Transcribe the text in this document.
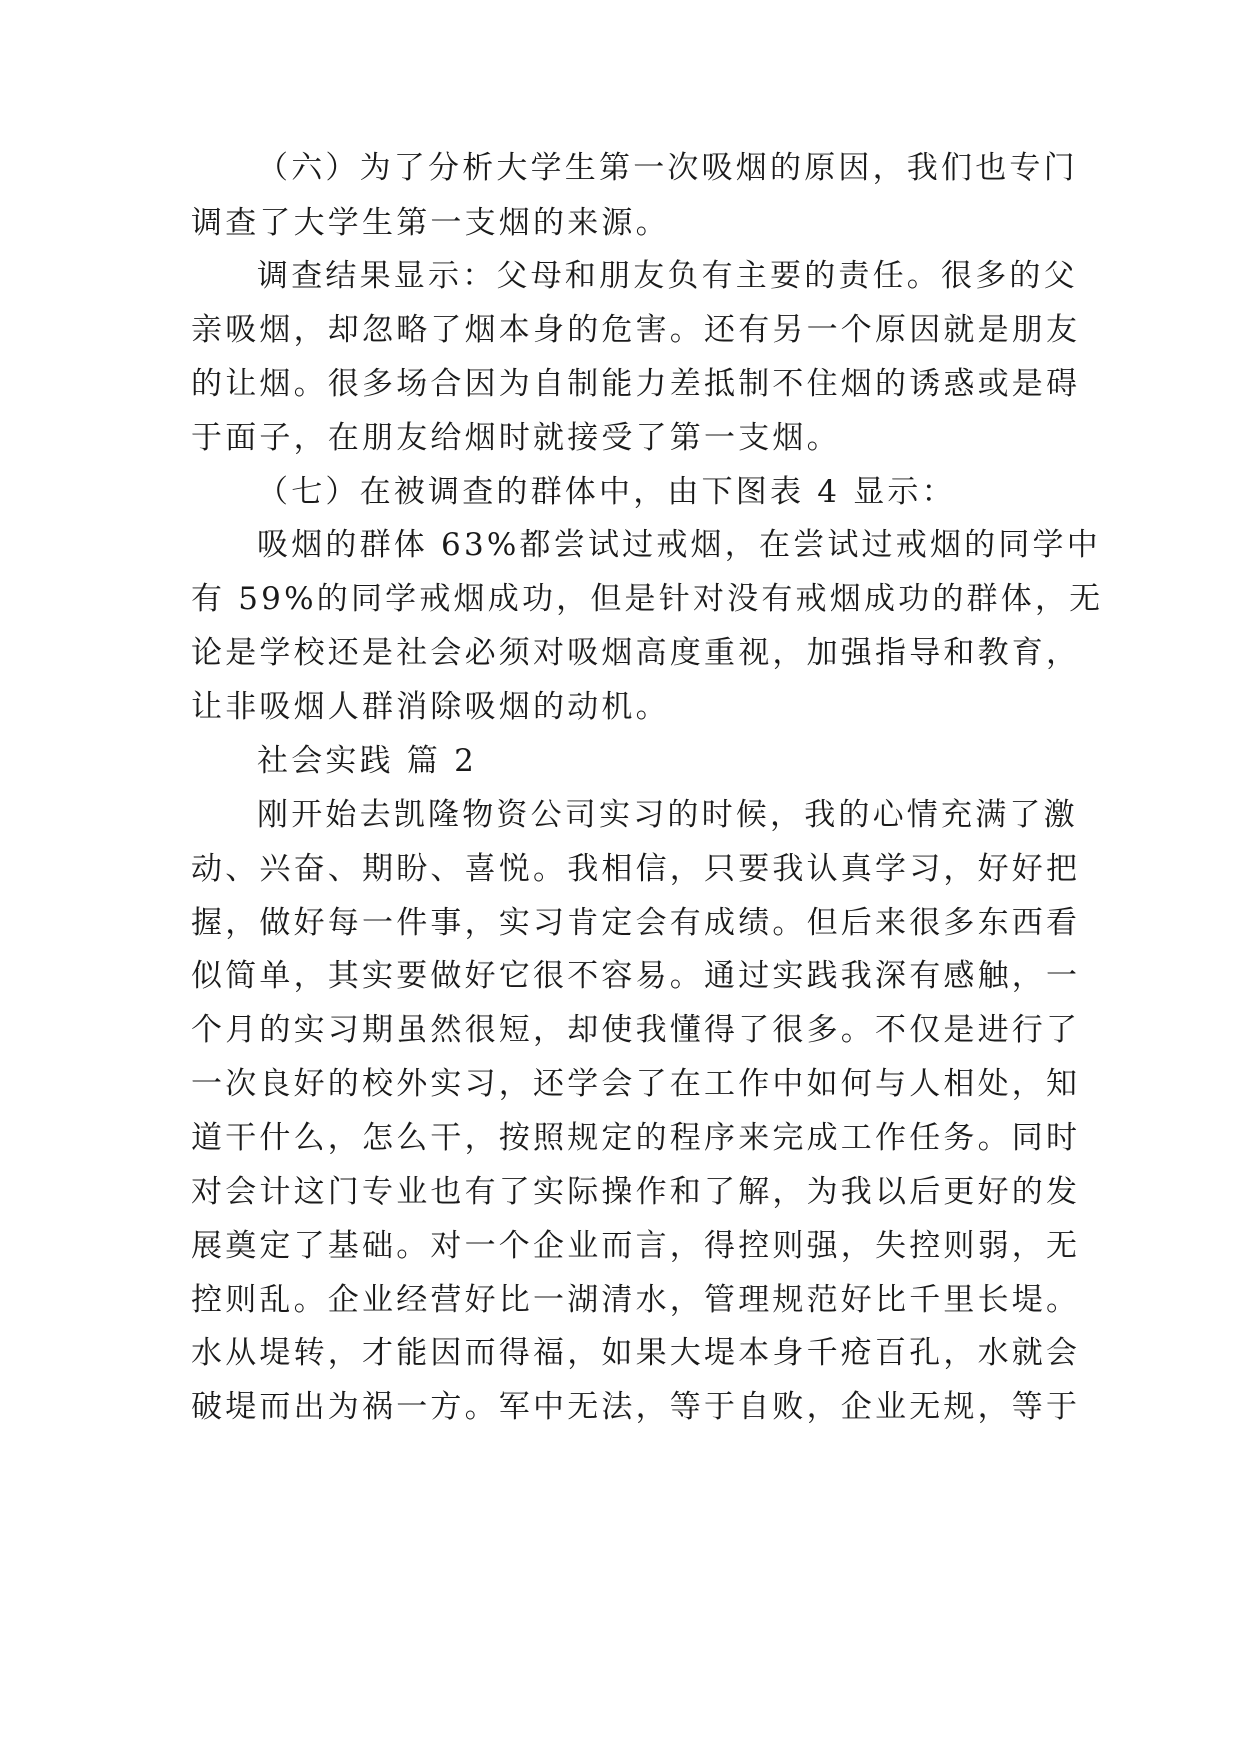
（六）为了分析大学生第一次吸烟的原因，我们也专门
调查了大学生第一支烟的来源。
调查结果显示：父母和朋友负有主要的责任。很多的父
亲吸烟，却忽略了烟本身的危害。还有另一个原因就是朋友
的让烟。很多场合因为自制能力差抵制不住烟的诱惑或是碍
于面子，在朋友给烟时就接受了第一支烟。
（七）在被调查的群体中，由下图表 4 显示：
吸烟的群体 63%都尝试过戒烟，在尝试过戒烟的同学中
有 59%的同学戒烟成功，但是针对没有戒烟成功的群体，无
论是学校还是社会必须对吸烟高度重视，加强指导和教育，
让非吸烟人群消除吸烟的动机。
社会实践 篇 2
刚开始去凯隆物资公司实习的时候，我的心情充满了激
动、兴奋、期盼、喜悦。我相信，只要我认真学习，好好把
握，做好每一件事，实习肯定会有成绩。但后来很多东西看
似简单，其实要做好它很不容易。通过实践我深有感触，一
个月的实习期虽然很短，却使我懂得了很多。不仅是进行了
一次良好的校外实习，还学会了在工作中如何与人相处，知
道干什么，怎么干，按照规定的程序来完成工作任务。同时
对会计这门专业也有了实际操作和了解，为我以后更好的发
展奠定了基础。对一个企业而言，得控则强，失控则弱，无
控则乱。企业经营好比一湖清水，管理规范好比千里长堤。
水从堤转，才能因而得福，如果大堤本身千疮百孔，水就会
破堤而出为祸一方。军中无法，等于自败，企业无规，等于
